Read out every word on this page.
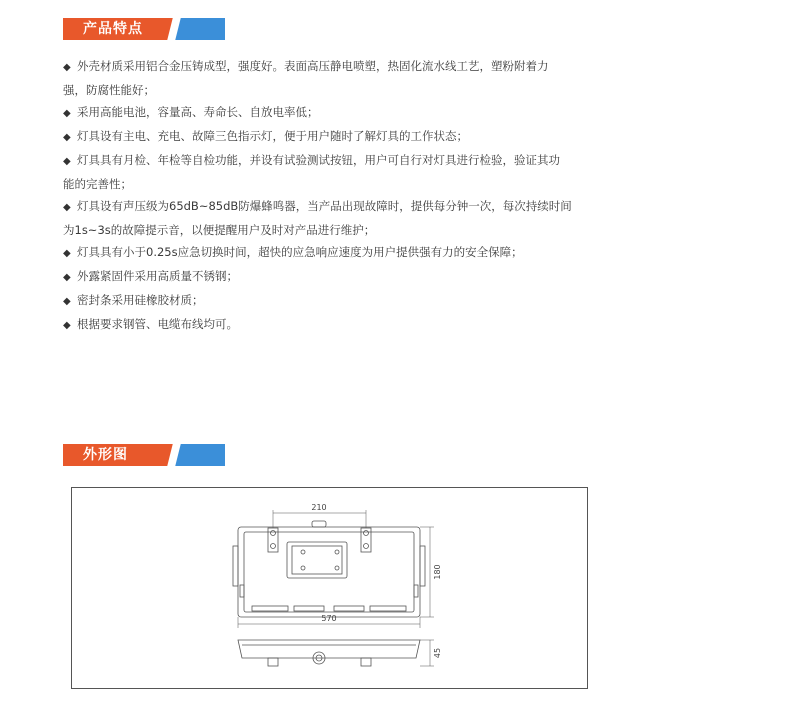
产品特点
◆ 外壳材质采用铝合金压铸成型，强度好。表面高压静电喷塑，热固化流水线工艺，塑粉附着力
强，防腐性能好；
◆ 采用高能电池，容量高、寿命长、自放电率低；
◆ 灯具设有主电、充电、故障三色指示灯，便于用户随时了解灯具的工作状态；
◆ 灯具具有月检、年检等自检功能，并设有试验测试按钮，用户可自行对灯具进行检验，验证其功
能的完善性；
◆ 灯具设有声压级为65dB~85dB防爆蜂鸣器，当产品出现故障时，提供每分钟一次，每次持续时间
为1s~3s的故障提示音，以便提醒用户及时对产品进行维护；
◆ 灯具具有小于0.25s应急切换时间，超快的应急响应速度为用户提供强有力的安全保障；
◆ 外露紧固件采用高质量不锈钢；
◆ 密封条采用硅橡胶材质；
◆ 根据要求钢管、电缆布线均可。
外形图
210
180
570
45
